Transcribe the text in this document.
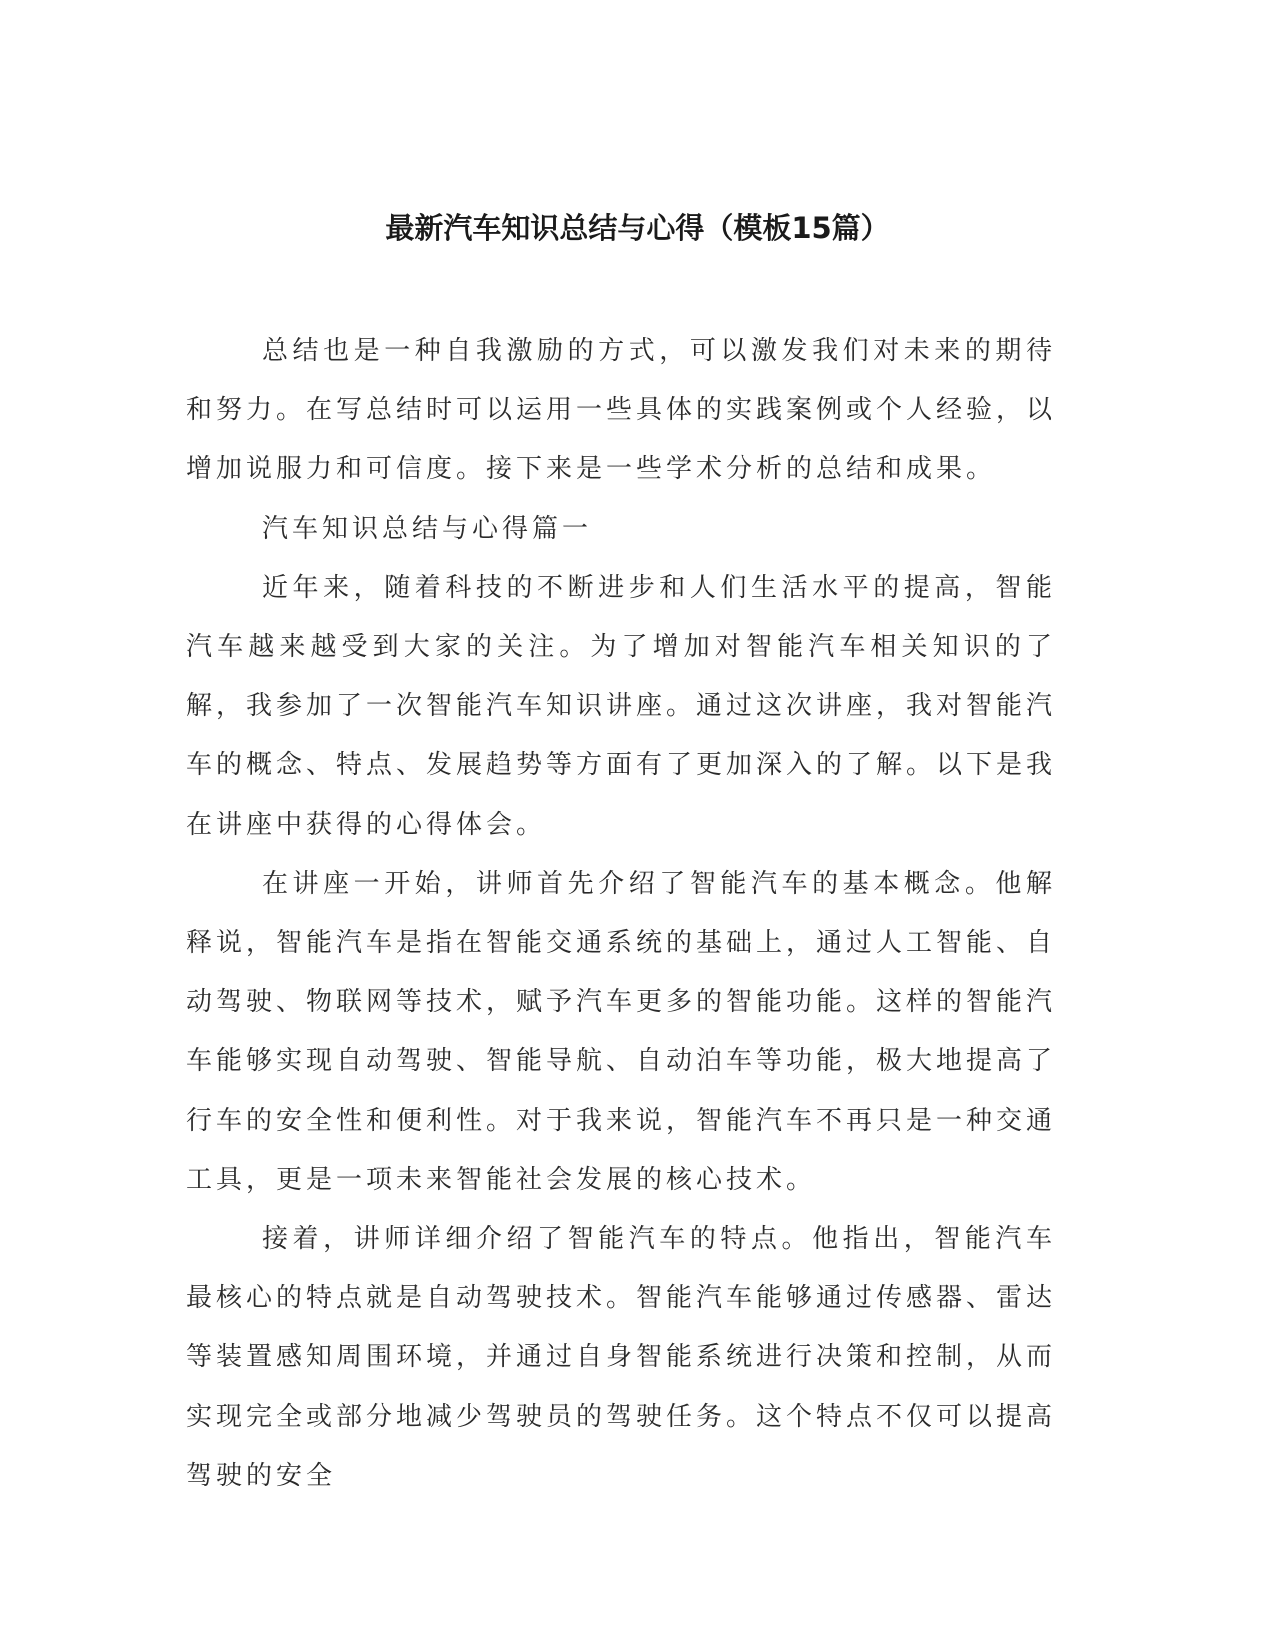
最新汽车知识总结与心得（模板15篇）

总结也是一种自我激励的方式，可以激发我们对未来的期待和努力。在写总结时可以运用一些具体的实践案例或个人经验，以增加说服力和可信度。接下来是一些学术分析的总结和成果。

汽车知识总结与心得篇一

近年来，随着科技的不断进步和人们生活水平的提高，智能汽车越来越受到大家的关注。为了增加对智能汽车相关知识的了解，我参加了一次智能汽车知识讲座。通过这次讲座，我对智能汽车的概念、特点、发展趋势等方面有了更加深入的了解。以下是我在讲座中获得的心得体会。

在讲座一开始，讲师首先介绍了智能汽车的基本概念。他解释说，智能汽车是指在智能交通系统的基础上，通过人工智能、自动驾驶、物联网等技术，赋予汽车更多的智能功能。这样的智能汽车能够实现自动驾驶、智能导航、自动泊车等功能，极大地提高了行车的安全性和便利性。对于我来说，智能汽车不再只是一种交通工具，更是一项未来智能社会发展的核心技术。

接着，讲师详细介绍了智能汽车的特点。他指出，智能汽车最核心的特点就是自动驾驶技术。智能汽车能够通过传感器、雷达等装置感知周围环境，并通过自身智能系统进行决策和控制，从而实现完全或部分地减少驾驶员的驾驶任务。这个特点不仅可以提高驾驶的安全
